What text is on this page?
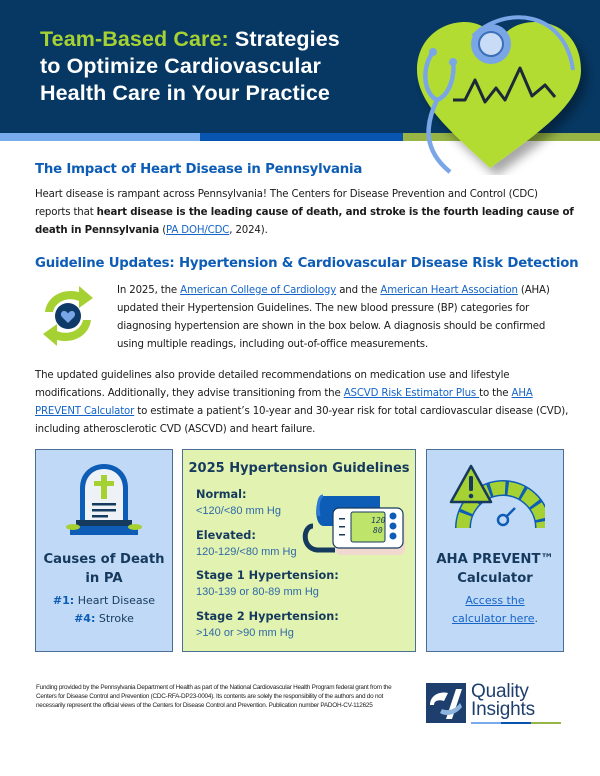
Team-Based Care: Strategies
to Optimize Cardiovascular
Health Care in Your Practice
The Impact of Heart Disease in Pennsylvania
Heart disease is rampant across Pennsylvania! The Centers for Disease Prevention and Control (CDC) reports that heart disease is the leading cause of death, and stroke is the fourth leading cause of death in Pennsylvania (PA DOH/CDC, 2024).
Guideline Updates: Hypertension & Cardiovascular Disease Risk Detection
In 2025, the American College of Cardiology and the American Heart Association (AHA) updated their Hypertension Guidelines. The new blood pressure (BP) categories for diagnosing hypertension are shown in the box below. A diagnosis should be confirmed using multiple readings, including out-of-office measurements.
The updated guidelines also provide detailed recommendations on medication use and lifestyle modifications. Additionally, they advise transitioning from the ASCVD Risk Estimator Plus to the AHA PREVENT Calculator to estimate a patient’s 10-year and 30-year risk for total cardiovascular disease (CVD), including atherosclerotic CVD (ASCVD) and heart failure.
Causes of Death
in PA
#1: Heart Disease
#4: Stroke
2025 Hypertension Guidelines
Normal:
<120/<80 mm Hg
Elevated:
120-129/<80 mm Hg
Stage 1 Hypertension:
130-139 or 80-89 mm Hg
Stage 2 Hypertension:
>140 or >90 mm Hg
120
80
AHA PREVENT™
Calculator
Access the
calculator here.
Funding provided by the Pennsylvania Department of Health as part of the National Cardiovascular Health Program federal grant from the Centers for Disease Control and Prevention (CDC-RFA-DP23-0004). Its contents are solely the responsibility of the authors and do not necessarily represent the official views of the Centers for Disease Control and Prevention. Publication number PADOH-CV-112625
Quality
Insights
